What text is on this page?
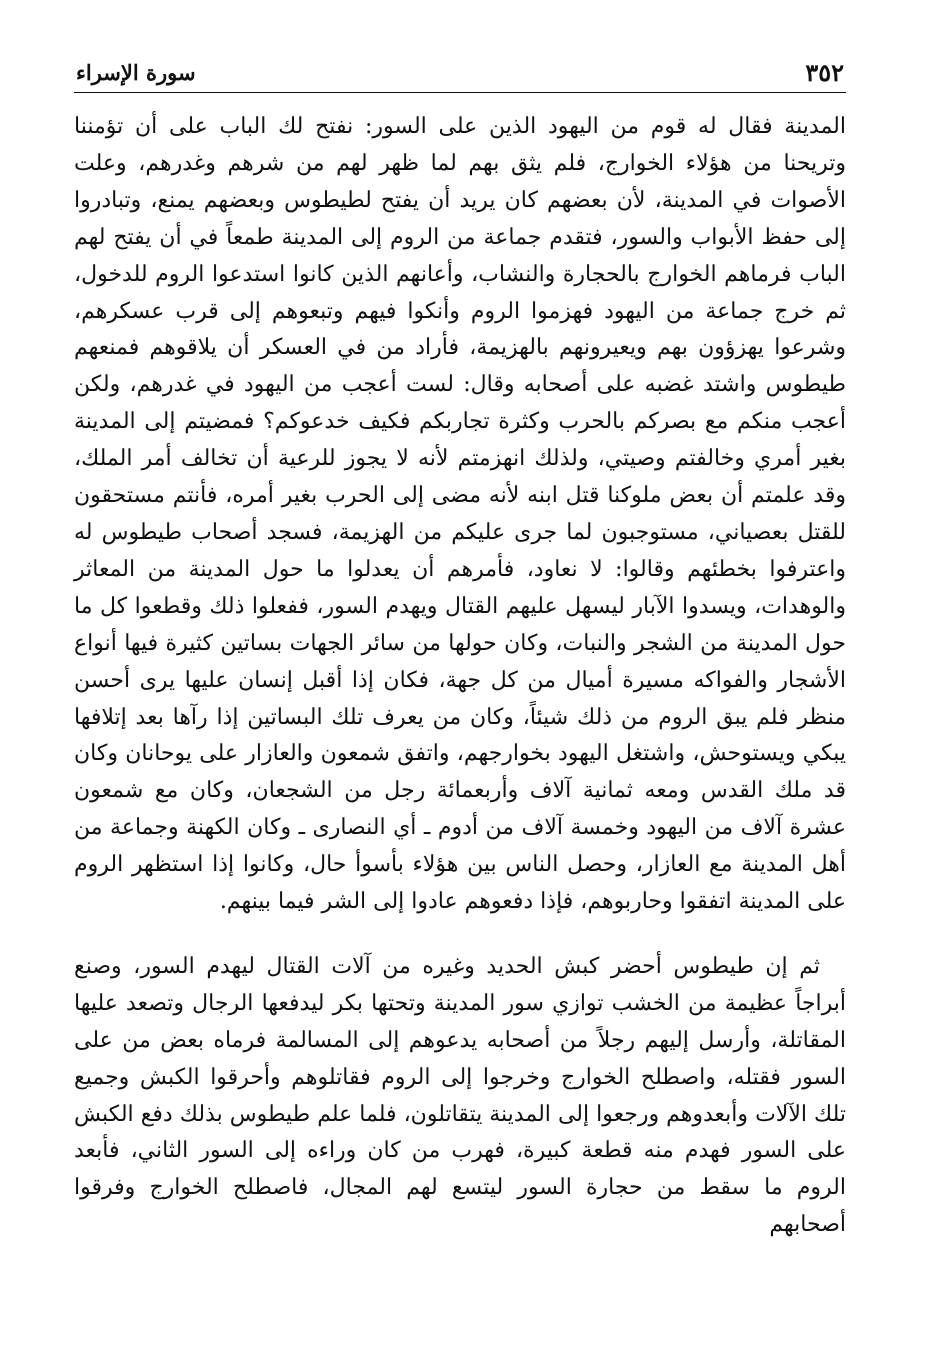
٣٥٢
سورة الإسراء

المدينة فقال له قوم من اليهود الذين على السور: نفتح لك الباب على أن تؤمننا وتريحنا من هؤلاء الخوارج، فلم يثق بهم لما ظهر لهم من شرهم وغدرهم، وعلت الأصوات في المدينة، لأن بعضهم كان يريد أن يفتح لطيطوس وبعضهم يمنع، وتبادروا إلى حفظ الأبواب والسور، فتقدم جماعة من الروم إلى المدينة طمعاً في أن يفتح لهم الباب فرماهم الخوارج بالحجارة والنشاب، وأعانهم الذين كانوا استدعوا الروم للدخول، ثم خرج جماعة من اليهود فهزموا الروم وأنكوا فيهم وتبعوهم إلى قرب عسكرهم، وشرعوا يهزؤون بهم ويعيرونهم بالهزيمة، فأراد من في العسكر أن يلاقوهم فمنعهم طيطوس واشتد غضبه على أصحابه وقال: لست أعجب من اليهود في غدرهم، ولكن أعجب منكم مع بصركم بالحرب وكثرة تجاربكم فكيف خدعوكم؟ فمضيتم إلى المدينة بغير أمري وخالفتم وصيتي، ولذلك انهزمتم لأنه لا يجوز للرعية أن تخالف أمر الملك، وقد علمتم أن بعض ملوكنا قتل ابنه لأنه مضى إلى الحرب بغير أمره، فأنتم مستحقون للقتل بعصياني، مستوجبون لما جرى عليكم من الهزيمة، فسجد أصحاب طيطوس له واعترفوا بخطئهم وقالوا: لا نعاود، فأمرهم أن يعدلوا ما حول المدينة من المعاثر والوهدات، ويسدوا الآبار ليسهل عليهم القتال ويهدم السور، ففعلوا ذلك وقطعوا كل ما حول المدينة من الشجر والنبات، وكان حولها من سائر الجهات بساتين كثيرة فيها أنواع الأشجار والفواكه مسيرة أميال من كل جهة، فكان إذا أقبل إنسان عليها يرى أحسن منظر فلم يبق الروم من ذلك شيئاً، وكان من يعرف تلك البساتين إذا رآها بعد إتلافها يبكي ويستوحش، واشتغل اليهود بخوارجهم، واتفق شمعون والعازار على يوحانان وكان قد ملك القدس ومعه ثمانية آلاف وأربعمائة رجل من الشجعان، وكان مع شمعون عشرة آلاف من اليهود وخمسة آلاف من أدوم ـ أي النصارى ـ وكان الكهنة وجماعة من أهل المدينة مع العازار، وحصل الناس بين هؤلاء بأسوأ حال، وكانوا إذا استظهر الروم على المدينة اتفقوا وحاربوهم، فإذا دفعوهم عادوا إلى الشر فيما بينهم.

ثم إن طيطوس أحضر كبش الحديد وغيره من آلات القتال ليهدم السور، وصنع أبراجاً عظيمة من الخشب توازي سور المدينة وتحتها بكر ليدفعها الرجال وتصعد عليها المقاتلة، وأرسل إليهم رجلاً من أصحابه يدعوهم إلى المسالمة فرماه بعض من على السور فقتله، واصطلح الخوارج وخرجوا إلى الروم فقاتلوهم وأحرقوا الكبش وجميع تلك الآلات وأبعدوهم ورجعوا إلى المدينة يتقاتلون، فلما علم طيطوس بذلك دفع الكبش على السور فهدم منه قطعة كبيرة، فهرب من كان وراءه إلى السور الثاني، فأبعد الروم ما سقط من حجارة السور ليتسع لهم المجال، فاصطلح الخوارج وفرقوا أصحابهم
